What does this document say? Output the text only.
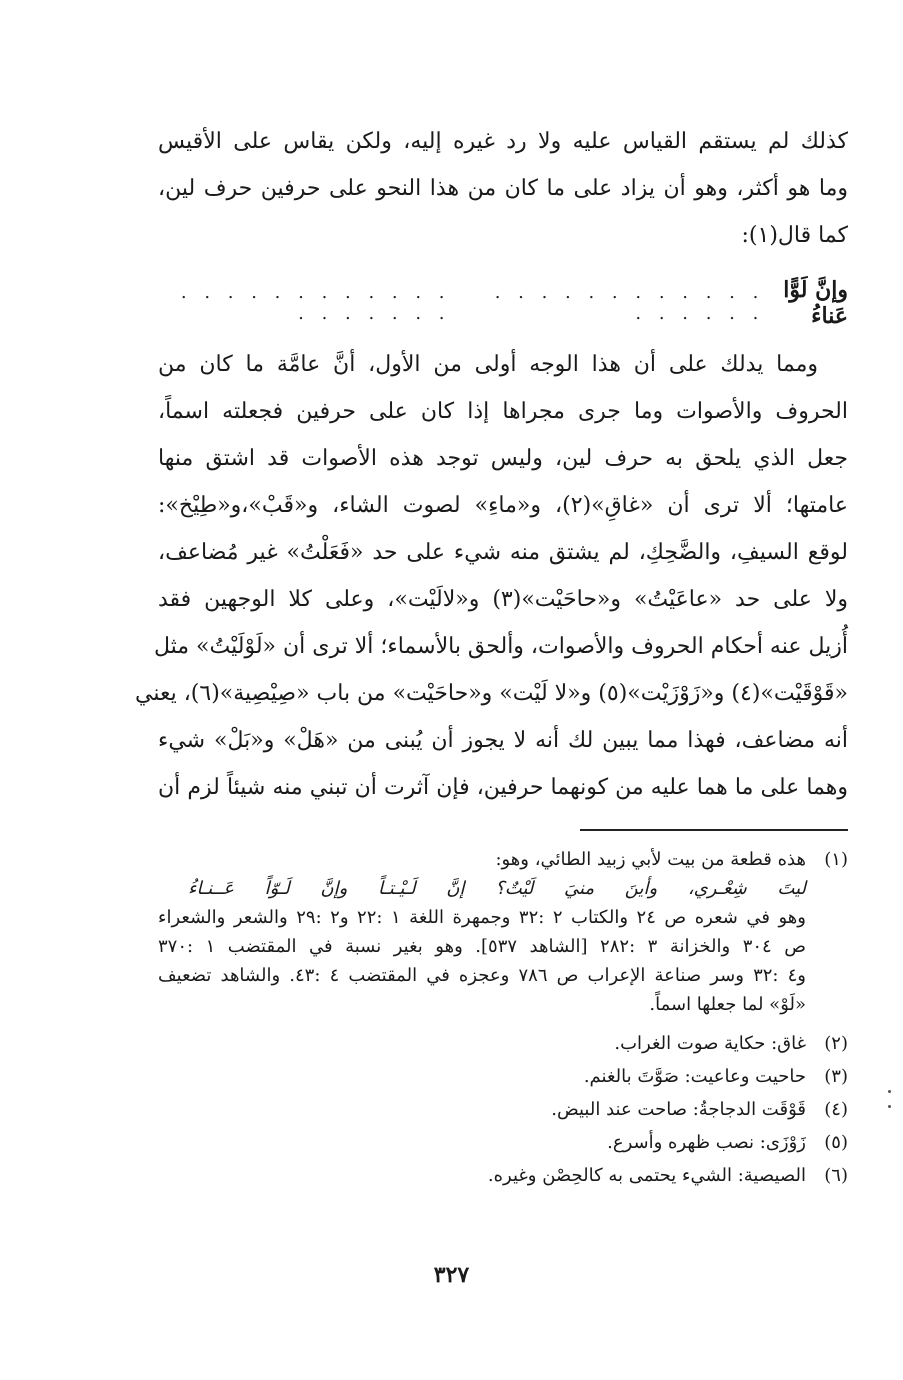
كذلك لم يستقم القياس عليه ولا رد غيره إليه، ولكن يقاس على الأقيس
وما هو أكثر، وهو أن يزاد على ما كان من هذا النحو على حرفين حرف لين،
كما قال(١):
وإنَّ لَوًّا عَناءُ
. . . . . . . . . . . . . . . . . .
. . . . . . . . . . . . . . . . . . .
ومما يدلك على أن هذا الوجه أولى من الأول، أنَّ عامَّة ما كان من
الحروف والأصوات وما جرى مجراها إذا كان على حرفين فجعلته اسماً،
جعل الذي يلحق به حرف لين، وليس توجد هذه الأصوات قد اشتق منها
عامتها؛ ألا ترى أن «غاقِ»(٢)، و«ماءِ» لصوت الشاء، و«قَبْ»،و«طِيْخ»:
لوقع السيفِ، والضَّحِكِ، لم يشتق منه شيء على حد «فَعَلْتُ» غير مُضاعف،
ولا على حد «عاعَيْتُ» و«حاحَيْت»(٣) و«لالَيْت»، وعلى كلا الوجهين فقد
أُزيل عنه أحكام الحروف والأصوات، وألحق بالأسماء؛ ألا ترى أن «لَوْلَيْتُ» مثل
«قَوْقَيْت»(٤) و«زَوْزَيْت»(٥) و«لا لَيْت» و«حاحَيْت» من باب «صِيْصِية»(٦)، يعني
أنه مضاعف، فهذا مما يبين لك أنه لا يجوز أن يُبنى من «هَلْ» و«بَلْ» شيء
وهما على ما هما عليه من كونهما حرفين، فإن آثرت أن تبني منه شيئاً لزم أن
(١)
هذه قطعة من بيت لأبي زبيد الطائي، وهو:
ليتَ شِعْـري، وأينَ منيَ لَيْتٌ؟ إنَّ لَـيْـتـاً وإنَّ لَـوّاً عَــنـاءُ
وهو في شعره ص ٢٤ والكتاب ٢ :٣٢ وجمهرة اللغة ١ :٢٢ و٢ :٢٩ والشعر والشعراء
ص ٣٠٤ والخزانة ٣ :٢٨٢ [الشاهد ٥٣٧]. وهو بغير نسبة في المقتضب ١ :٣٧٠
و٤ :٣٢ وسر صناعة الإعراب ص ٧٨٦ وعجزه في المقتضب ٤ :٤٣. والشاهد تضعيف
«لَوْ» لما جعلها اسماً.
(٢)
غاق: حكاية صوت الغراب.
(٣)
حاحيت وعاعيت: صَوَّتَ بالغنم.
(٤)
قَوْقَت الدجاجةُ: صاحت عند البيض.
(٥)
زَوْزَى: نصب ظهره وأسرع.
(٦)
الصيصية: الشيء يحتمى به كالحِصْن وغيره.
٣٢٧
